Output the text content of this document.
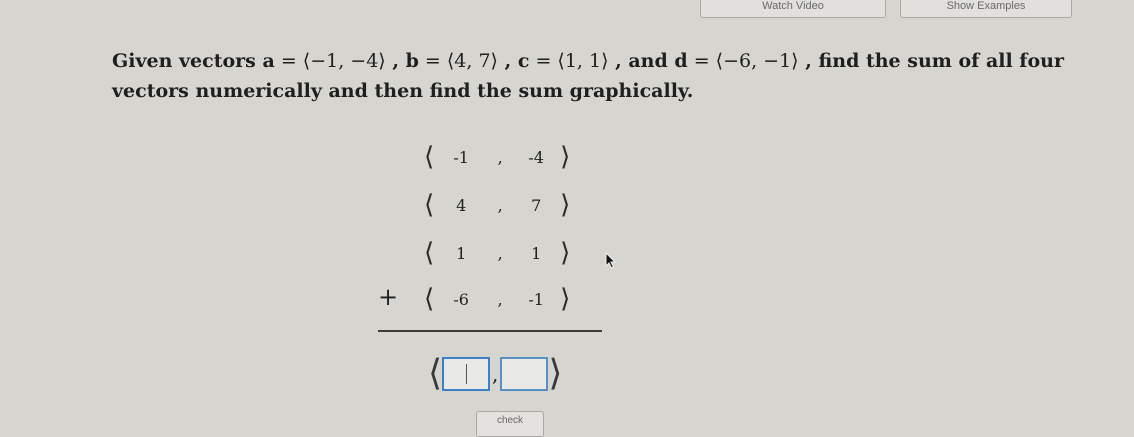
Watch Video	Show Examples

Given vectors a = ⟨−1, −4⟩ , b = ⟨4, 7⟩ , c = ⟨1, 1⟩ , and d = ⟨−6, −1⟩ , find the sum of all four vectors numerically and then find the sum graphically.

⟨	-1	,	-4 ⟩
⟨	4	,	7 ⟩
⟨	1	,	1 ⟩
+ ⟨	-6	,	-1 ⟩
⟨	, ⟩
check
